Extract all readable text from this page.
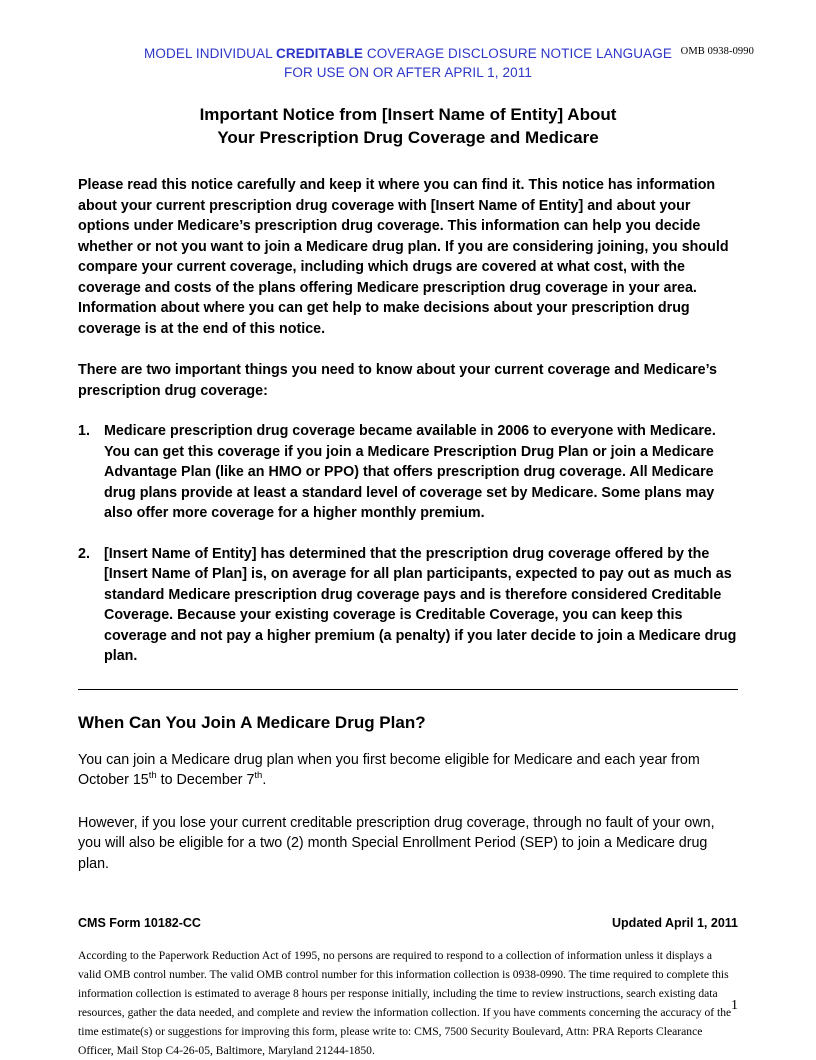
MODEL INDIVIDUAL CREDITABLE COVERAGE DISCLOSURE NOTICE LANGUAGE
FOR USE ON OR AFTER APRIL 1, 2011
OMB 0938-0990
Important Notice from [Insert Name of Entity] About
Your Prescription Drug Coverage and Medicare

Please read this notice carefully and keep it where you can find it. This notice has information about your current prescription drug coverage with [Insert Name of Entity] and about your options under Medicare’s prescription drug coverage. This information can help you decide whether or not you want to join a Medicare drug plan. If you are considering joining, you should compare your current coverage, including which drugs are covered at what cost, with the coverage and costs of the plans offering Medicare prescription drug coverage in your area. Information about where you can get help to make decisions about your prescription drug coverage is at the end of this notice.

There are two important things you need to know about your current coverage and Medicare’s prescription drug coverage:

1. Medicare prescription drug coverage became available in 2006 to everyone with Medicare. You can get this coverage if you join a Medicare Prescription Drug Plan or join a Medicare Advantage Plan (like an HMO or PPO) that offers prescription drug coverage. All Medicare drug plans provide at least a standard level of coverage set by Medicare. Some plans may also offer more coverage for a higher monthly premium.
2. [Insert Name of Entity] has determined that the prescription drug coverage offered by the [Insert Name of Plan] is, on average for all plan participants, expected to pay out as much as standard Medicare prescription drug coverage pays and is therefore considered Creditable Coverage. Because your existing coverage is Creditable Coverage, you can keep this coverage and not pay a higher premium (a penalty) if you later decide to join a Medicare drug plan.
When Can You Join A Medicare Drug Plan?

You can join a Medicare drug plan when you first become eligible for Medicare and each year from October 15th to December 7th.

However, if you lose your current creditable prescription drug coverage, through no fault of your own, you will also be eligible for a two (2) month Special Enrollment Period (SEP) to join a Medicare drug plan.

CMS Form 10182-CC	Updated April 1, 2011
According to the Paperwork Reduction Act of 1995, no persons are required to respond to a collection of information unless it displays a valid OMB control number. The valid OMB control number for this information collection is 0938-0990. The time required to complete this information collection is estimated to average 8 hours per response initially, including the time to review instructions, search existing data resources, gather the data needed, and complete and review the information collection. If you have comments concerning the accuracy of the time estimate(s) or suggestions for improving this form, please write to: CMS, 7500 Security Boulevard, Attn: PRA Reports Clearance Officer, Mail Stop C4-26-05, Baltimore, Maryland 21244-1850.
1
